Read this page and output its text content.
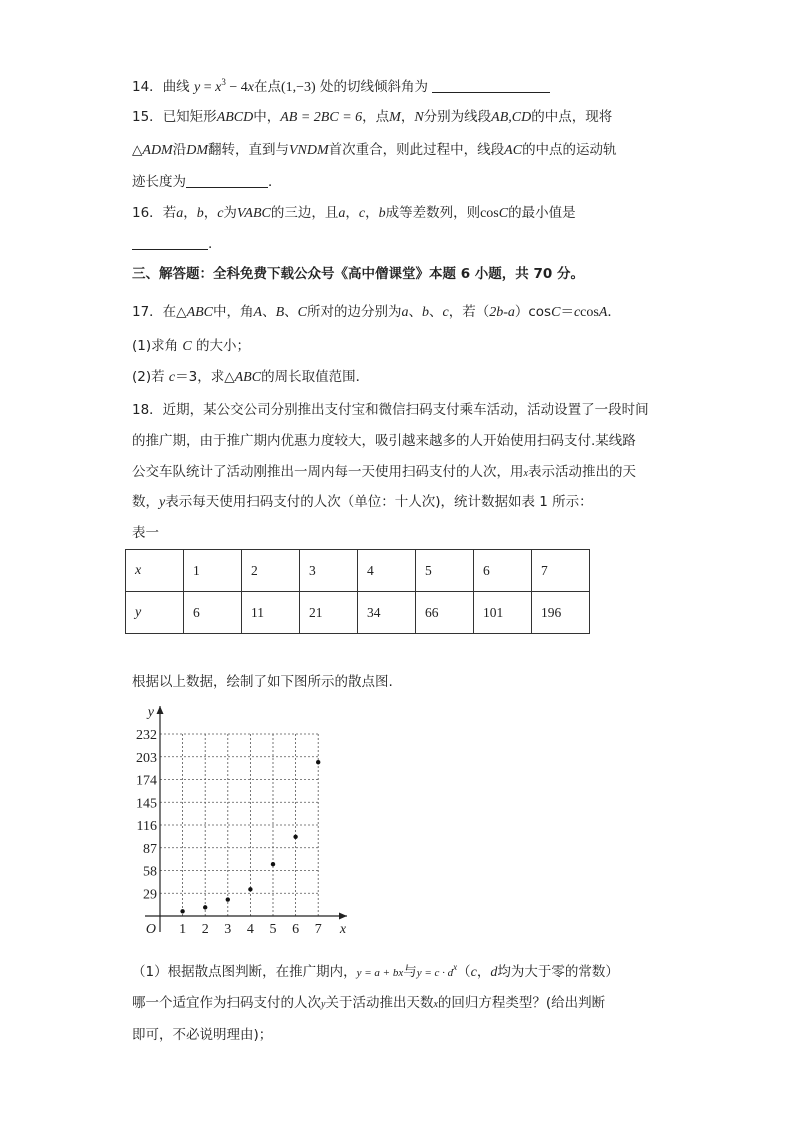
14．曲线 $y = x^3 - 4x$在点(1,−3) 处的切线倾斜角为
15．已知矩形ABCD中，AB = 2BC = 6，点M，N分别为线段AB,CD的中点，现将
△ADM沿DM翻转，直到与VNDM首次重合，则此过程中，线段AC的中点的运动轨
迹长度为	．
16．若a，b，c为VABC的三边，且a，c，b成等差数列，则cosC的最小值是
.
三、解答题：全科免费下载公众号《高中僧课堂》本题 6 小题，共 70 分。
17．在△ABC中，角A、B、C所对的边分别为a、b、c，若（2b-a）cosC＝ccosA．
(1)求角 C 的大小；
(2)若 c＝3，求△ABC的周长取值范围．
18．近期，某公交公司分别推出支付宝和微信扫码支付乘车活动，活动设置了一段时间
的推广期，由于推广期内优惠力度较大，吸引越来越多的人开始使用扫码支付.某线路
公交车队统计了活动刚推出一周内每一天使用扫码支付的人次，用x表示活动推出的天
数，y表示每天使用扫码支付的人次（单位：十人次)，统计数据如表 1 所示：
表一
x	1	2	3	4	5	6	7
y	6	11	21	34	66	101	196
根据以上数据，绘制了如下图所示的散点图.
29
58
87
116
145
174
203
232
1 2 3 4 5 6 7
O	x
y
（1）根据散点图判断，在推广期内，y = a + bx与$y = c \cdot d^x(c$，d均为大于零的常数）
哪一个适宜作为扫码支付的人次y关于活动推出天数x的回归方程类型？(给出判断
即可，不必说明理由)；
